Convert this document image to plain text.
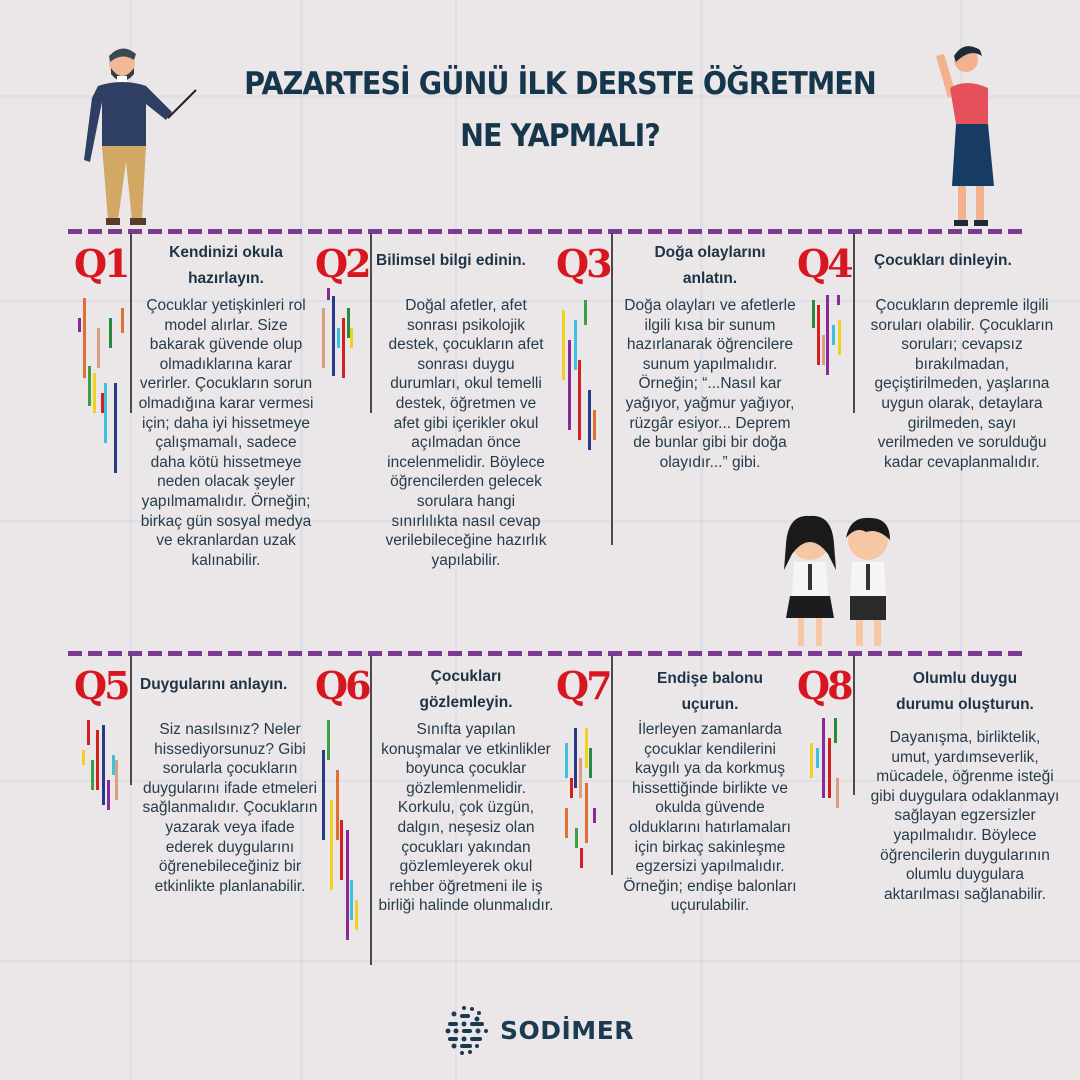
PAZARTESİ GÜNÜ İLK DERSTE ÖĞRETMEN
NE YAPMALI?
Q1	Q2	Q3	Q4
Q5	Q6	Q7	Q8
Kendinizi okula hazırlayın.

Çocuklar yetişkinleri rol model alırlar. Size bakarak güvende olup olmadıklarına karar verirler. Çocukların sorun olmadığına karar vermesi için; daha iyi hissetmeye çalışmamalı, sadece daha kötü hissetmeye neden olacak şeyler yapılmamalıdır. Örneğin; birkaç gün sosyal medya ve ekranlardan uzak kalınabilir.

Bilimsel bilgi edinin.

Doğal afetler, afet sonrası psikolojik destek, çocukların afet sonrası duygu durumları, okul temelli destek, öğretmen ve afet gibi içerikler okul açılmadan önce incelenmelidir. Böylece öğrencilerden gelecek sorulara hangi sınırlılıkta nasıl cevap verilebileceğine hazırlık yapılabilir.

Doğa olaylarını anlatın.

Doğa olayları ve afetlerle ilgili kısa bir sunum hazırlanarak öğrencilere sunum yapılmalıdır. Örneğin; “...Nasıl kar yağıyor, yağmur yağıyor, rüzgâr esiyor... Deprem de bunlar gibi bir doğa olayıdır...” gibi.

Çocukları dinleyin.

Çocukların depremle ilgili soruları olabilir. Çocukların soruları; cevapsız bırakılmadan, geçiştirilmeden, yaşlarına uygun olarak, detaylara girilmeden, sayı verilmeden ve sorulduğu kadar cevaplanmalıdır.

Duygularını anlayın.

Siz nasılsınız? Neler hissediyorsunuz? Gibi sorularla çocukların duygularını ifade etmeleri sağlanmalıdır. Çocukların yazarak veya ifade ederek duygularını öğrenebileceğiniz bir etkinlikte planlanabilir.

Çocukları gözlemleyin.

Sınıfta yapılan konuşmalar ve etkinlikler boyunca çocuklar gözlemlenmelidir. Korkulu, çok üzgün, dalgın, neşesiz olan çocukları yakından gözlemleyerek okul rehber öğretmeni ile iş birliği halinde olunmalıdır.

Endişe balonu uçurun.

İlerleyen zamanlarda çocuklar kendilerini kaygılı ya da korkmuş hissettiğinde birlikte ve okulda güvende olduklarını hatırlamaları için birkaç sakinleşme egzersizi yapılmalıdır. Örneğin; endişe balonları uçurulabilir.

Olumlu duygu durumu oluşturun.

Dayanışma, birliktelik, umut, yardımseverlik, mücadele, öğrenme isteği gibi duygulara odaklanmayı sağlayan egzersizler yapılmalıdır. Böylece öğrencilerin duygularının olumlu duygulara aktarılması sağlanabilir.

SODİMER
